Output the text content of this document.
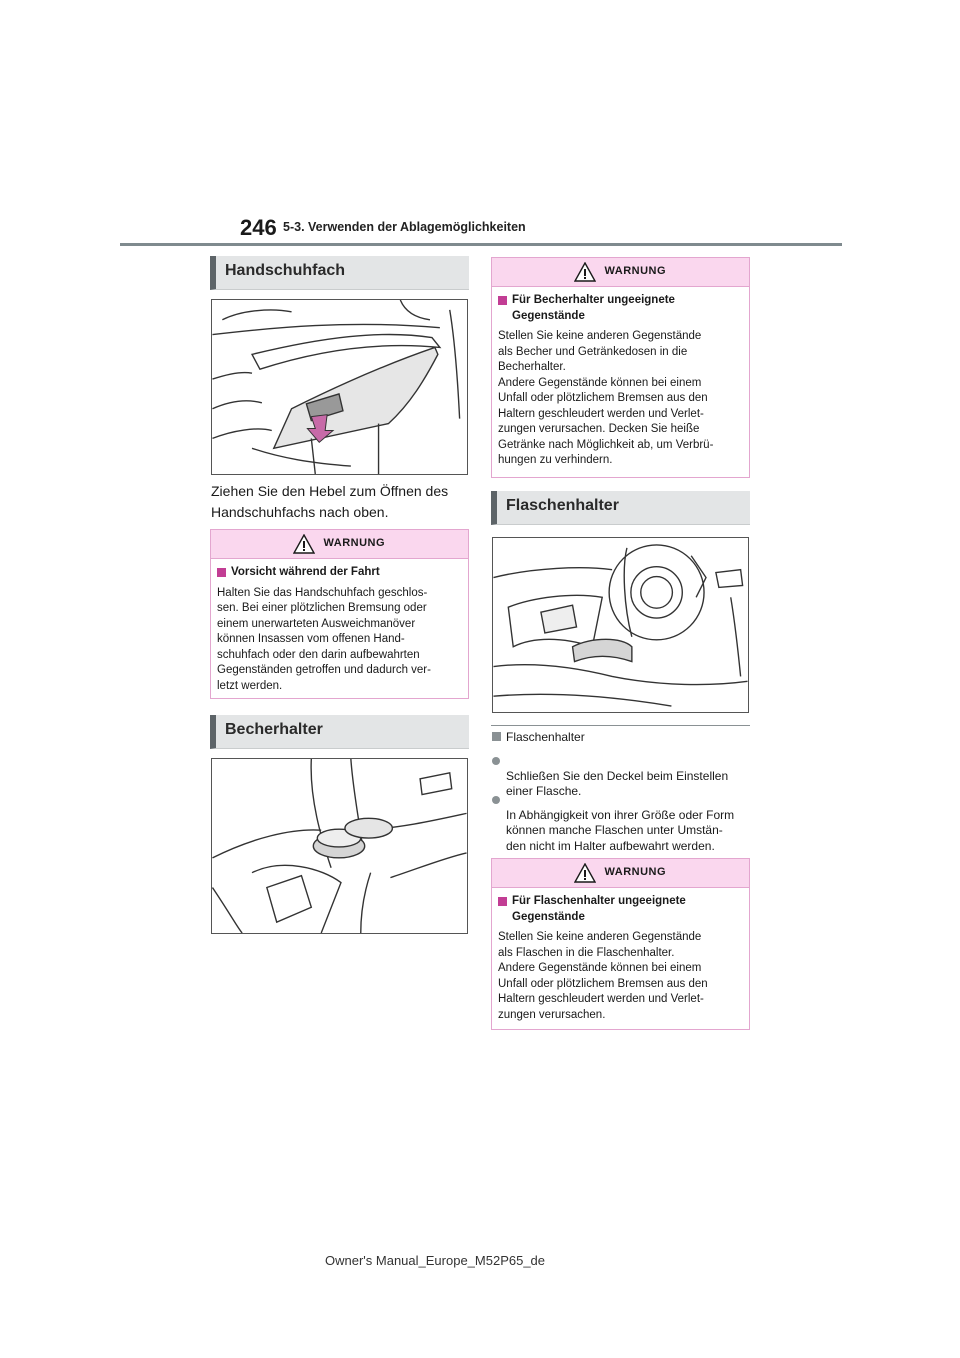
246 5-3. Verwenden der Ablagemöglichkeiten
Handschuhfach
Ziehen Sie den Hebel zum Öffnen des Handschuhfachs nach oben.
WARNUNG
Vorsicht während der Fahrt
Halten Sie das Handschuhfach geschlos-
sen. Bei einer plötzlichen Bremsung oder
einem unerwarteten Ausweichmanöver
können Insassen vom offenen Hand-
schuhfach oder den darin aufbewahrten
Gegenständen getroffen und dadurch ver-
letzt werden.
Becherhalter
WARNUNG
Für Becherhalter ungeeignete
Gegenstände
Stellen Sie keine anderen Gegenstände
als Becher und Getränkedosen in die
Becherhalter.
Andere Gegenstände können bei einem
Unfall oder plötzlichem Bremsen aus den
Haltern geschleudert werden und Verlet-
zungen verursachen. Decken Sie heiße
Getränke nach Möglichkeit ab, um Verbrü-
hungen zu verhindern.
Flaschenhalter
Flaschenhalter

Schließen Sie den Deckel beim Einstellen
einer Flasche.

In Abhängigkeit von ihrer Größe oder Form
können manche Flaschen unter Umstän-
den nicht im Halter aufbewahrt werden.

WARNUNG
Für Flaschenhalter ungeeignete
Gegenstände
Stellen Sie keine anderen Gegenstände
als Flaschen in die Flaschenhalter.
Andere Gegenstände können bei einem
Unfall oder plötzlichem Bremsen aus den
Haltern geschleudert werden und Verlet-
zungen verursachen.
Owner's Manual_Europe_M52P65_de
